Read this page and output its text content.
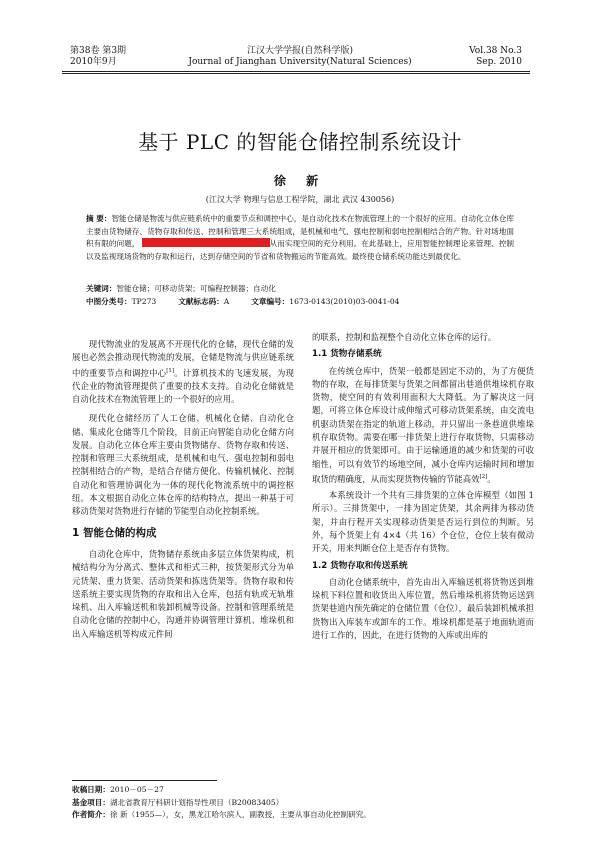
第38卷 第3期
2010年9月
江汉大学学报(自然科学版)
Journal of Jianghan University(Natural Sciences)
Vol.38 No.3
Sep. 2010
基于 PLC 的智能仓储控制系统设计
徐 新
(江汉大学 物理与信息工程学院，湖北 武汉 430056)
摘 要：智能仓储是物流与供应链系统中的重要节点和调控中心，是自动化技术在物流管理上的一个很好的应用。自动化立体仓库主要由货物储存、货物存取和传送、控制和管理三大系统组成，是机械和电气、强电控制和弱电控制相结合的产物。针对场地面积有限的问题，	从而实现空间的充分利用。在此基础上，应用智能控制理论来管理、控制以及监视现场货物的存取和运行，达到存储空间的节省和货物搬运的节能高效。最终使仓储系统功能达到最优化。
关键词：智能仓储；可移动货架；可编程控制器；自动化
中图分类号：TP273	文献标志码：A	文章编号：1673-0143(2010)03-0041-04

现代物流业的发展离不开现代化的仓储，现代仓储的发展也必然会推动现代物流的发展，仓储是物流与供应链系统中的重要节点和调控中心[1]。计算机技术的飞速发展，为现代企业的物流管理提供了重要的技术支持。自动化仓储就是自动化技术在物流管理上的一个很好的应用。

现代化仓储经历了人工仓储、机械化仓储、自动化仓储、集成化仓储等几个阶段，目前正向智能自动化仓储方向发展。自动化立体仓库主要由货物储存、货物存取和传送、控制和管理三大系统组成，是机械和电气、强电控制和弱电控制相结合的产物，是结合存储方便化、传输机械化、控制自动化和管理协调化为一体的现代化物流系统中的调控枢纽。本文根据自动化立体仓库的结构特点，提出一种基于可移动货架对货物进行存储的节能型自动化控制系统。

1 智能仓储的构成

自动化仓库中，货物储存系统由多层立体货架构成，机械结构分为分离式、整体式和柜式三种，按货架形式分为单元货架、重力货架、活动货架和拣选货架等。货物存取和传送系统主要实现货物的存取和出入仓库，包括有轨或无轨堆垛机、出入库输送机和装卸机械等设备。控制和管理系统是自动化仓储的控制中心，沟通并协调管理计算机、堆垛机和出入库输送机等构成元件间

的联系，控制和监视整个自动化立体仓库的运行。

1.1 货物存储系统

在传统仓库中，货架一般都是固定不动的，为了方便货物的存取，在每排货架与货架之间都留出巷道供堆垛机存取货物，使空间的有效利用面积大大降低。为了解决这一问题，可将立体仓库设计成伸缩式可移动货架系统，由交流电机驱动货架在指定的轨道上移动，并只留出一条巷道供堆垛机存取货物。需要在哪一排货架上进行存取货物，只需移动并展开相应的货架即可。由于运输通道的减少和货架的可收缩性，可以有效节约场地空间，减小仓库内运输时间和增加取货的精确度，从而实现货物传输的节能高效[2]。

本系统设计一个共有三排货架的立体仓库模型（如图 1 所示）。三排货架中，一排为固定货架，其余两排为移动货架，并由行程开关实现移动货架是否运行到位的判断。另外，每个货架上有 4×4（共 16）个仓位，仓位上装有微动开关，用来判断仓位上是否存有货物。

1.2 货物存取和传送系统

自动化仓储系统中，首先由出入库输送机将货物送到堆垛机下料位置和收货出入库位置，然后堆垛机将货物运送到货架巷道内预先确定的仓储位置（仓位），最后装卸机械承担货物出入库装车或卸车的工作。堆垛机都是基于地面轨道而进行工作的，因此，在进行货物的入库或出库的

收稿日期：2010－05－27
基金项目：湖北省教育厅科研计划指导性项目（B20083405）
作者简介：徐 新（1955—），女，黑龙江哈尔滨人，副教授，主要从事自动化控制研究。
